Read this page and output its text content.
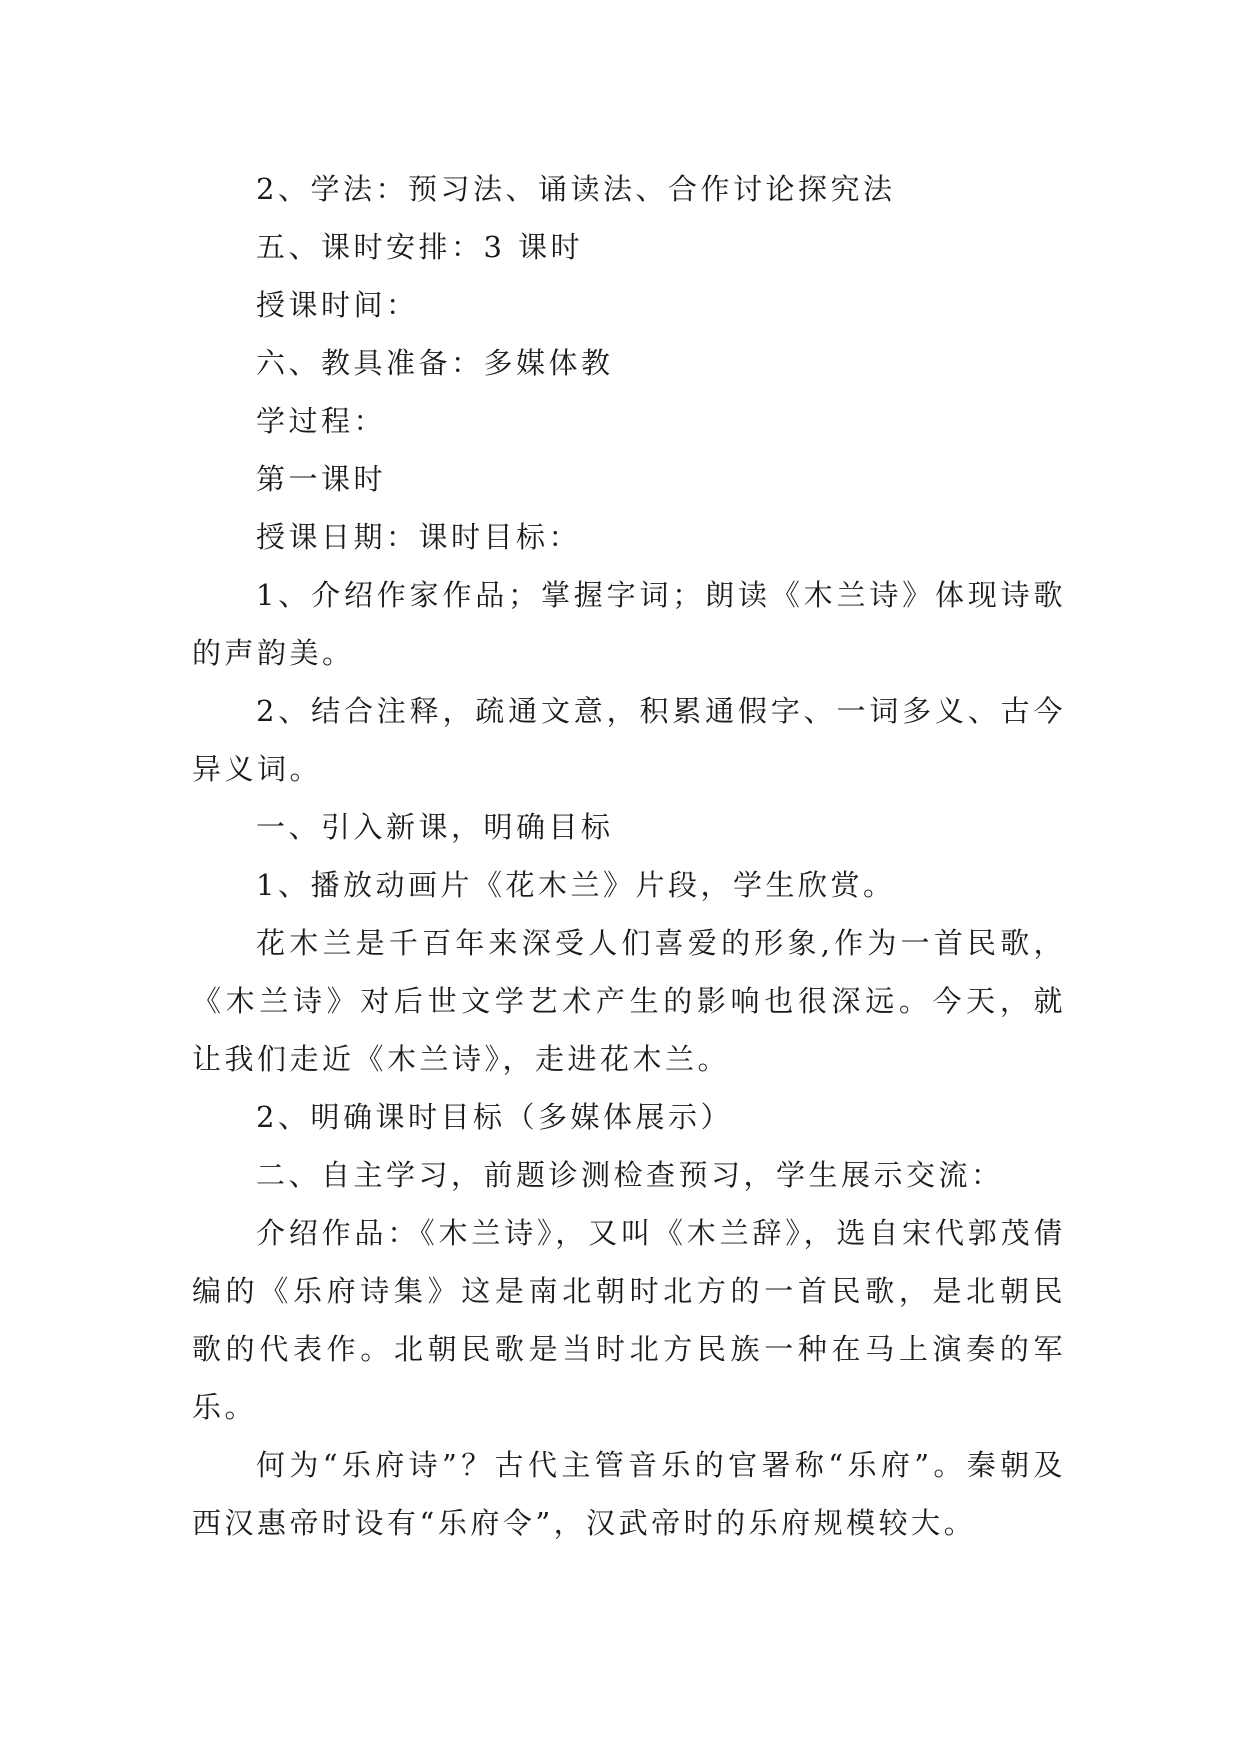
2、学法：预习法、诵读法、合作讨论探究法

五、课时安排：3 课时

授课时间：

六、教具准备：多媒体教

学过程：

第一课时

授课日期：课时目标：

1、介绍作家作品；掌握字词；朗读《木兰诗》体现诗歌的声韵美。

2、结合注释，疏通文意，积累通假字、一词多义、古今异义词。

一、引入新课，明确目标

1、播放动画片《花木兰》片段，学生欣赏。

花木兰是千百年来深受人们喜爱的形象,作为一首民歌，《木兰诗》对后世文学艺术产生的影响也很深远。今天，就让我们走近《木兰诗》，走进花木兰。

2、明确课时目标（多媒体展示）

二、自主学习，前题诊测检查预习，学生展示交流：

介绍作品：《木兰诗》，又叫《木兰辞》，选自宋代郭茂倩编的《乐府诗集》这是南北朝时北方的一首民歌，是北朝民歌的代表作。北朝民歌是当时北方民族一种在马上演奏的军乐。

何为“乐府诗”？古代主管音乐的官署称“乐府”。秦朝及西汉惠帝时设有“乐府令”，汉武帝时的乐府规模较大。
